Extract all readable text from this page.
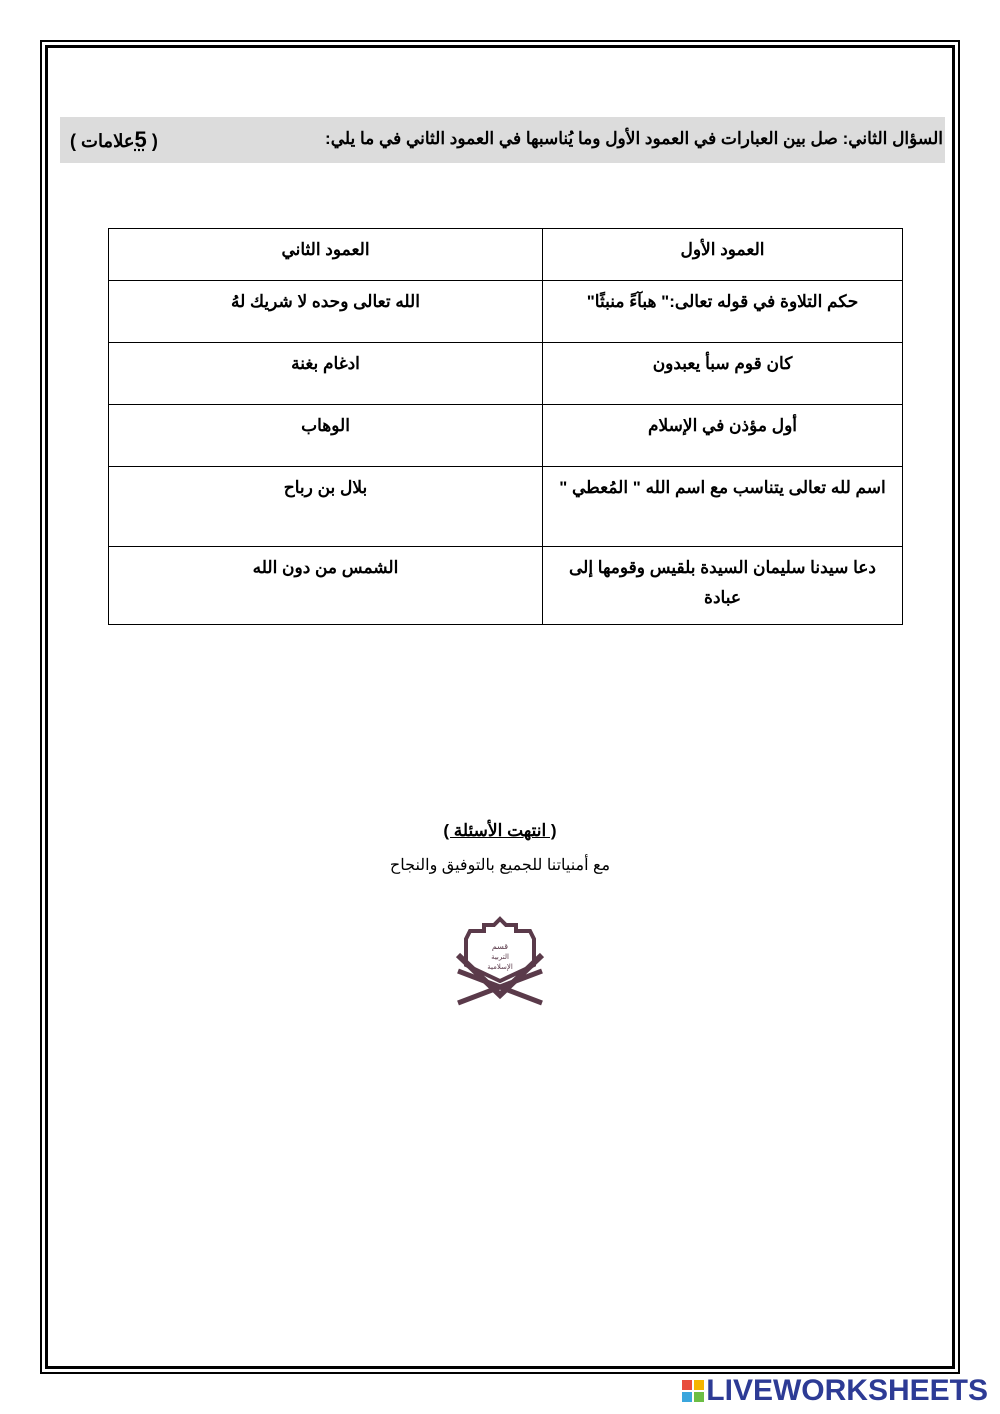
السؤال الثاني: صل بين العبارات في العمود الأول وما يُناسبها في العمود الثاني في ما يلي:
( 5علامات )
العمود الأول	العمود الثاني
حكم التلاوة في قوله تعالى:" هبآءً منبثًا"	الله تعالى وحده لا شريك لهُ
كان قوم سبأ يعبدون	ادغام بغنة
أول مؤذن في الإسلام	الوهاب
اسم لله تعالى يتناسب مع اسم الله " المُعطي "	بلال بن رباح
دعا سيدنا سليمان السيدة بلقيس وقومها إلى عبادة	الشمس من دون الله
( انتهت الأسئلة )
مع أمنياتنا للجميع بالتوفيق والنجاح
قسم
التربية
الإسلامية
LIVEWORKSHEETS
